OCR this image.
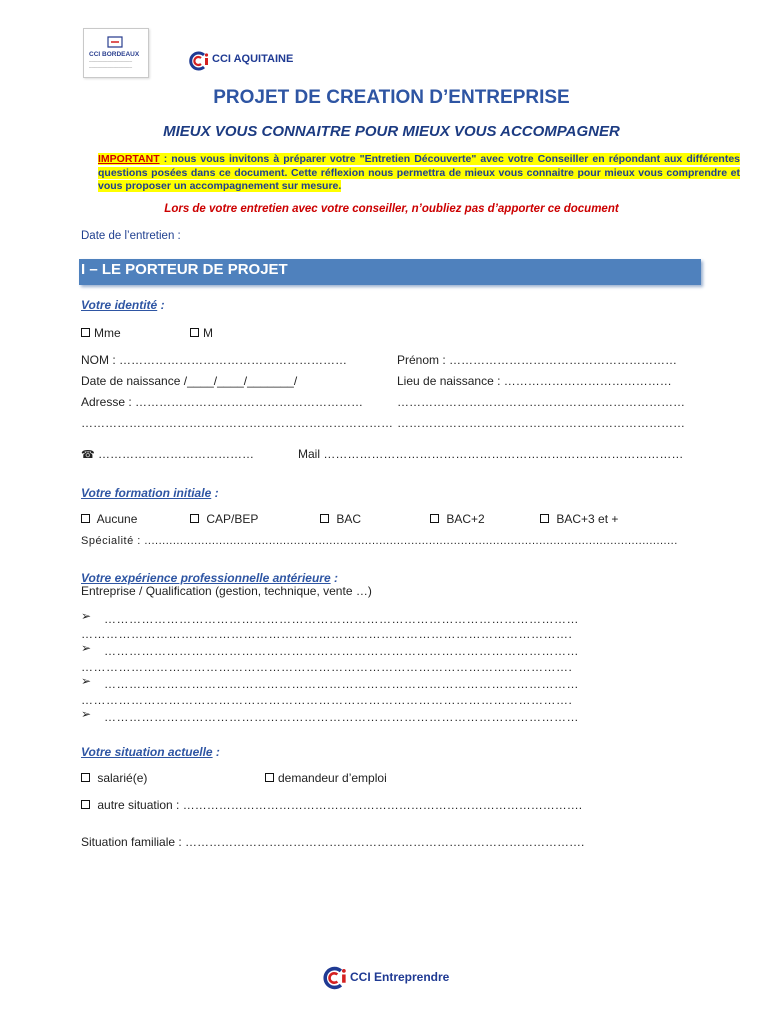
CCI BORDEAUX
────────────────
────────────────
CCI AQUITAINE
PROJET DE CREATION D’ENTREPRISE
MIEUX VOUS CONNAITRE POUR MIEUX VOUS ACCOMPAGNER
IMPORTANT : nous vous invitons à préparer votre "Entretien Découverte" avec votre Conseiller en répondant aux différentes questions posées dans ce document. Cette réflexion nous permettra de mieux vous connaitre pour mieux vous comprendre et vous proposer un accompagnement sur mesure.
Lors de votre entretien avec votre conseiller, n’oubliez pas d’apporter ce document
Date de l’entretien :
I – LE PORTEUR DE PROJET
Votre identité :
Mme	M
NOM : …………………………………………………	Prénom : …………………………………………………
Date de naissance /____/____/_______/	Lieu de naissance : ……………………………………
Adresse : …………………………………………………	………………………………………………………………
…………………………………………………………………… ………………………………………………………………
☎ …………………………………	Mail ………………………………………………………………………………
Votre formation initiale :
Aucune	CAP/BEP	BAC	BAC+2	BAC+3 et +
Spécialité : ......................................................................................................................................................
Votre expérience professionnelle antérieure :
Entreprise / Qualification (gestion, technique, vente …)
➢ ……………………………………………………………………………………………………
……………………………………………………………………………………………………….
➢ ……………………………………………………………………………………………………
……………………………………………………………………………………………………….
➢ ……………………………………………………………………………………………………
……………………………………………………………………………………………………….
➢ ……………………………………………………………………………………………………
Votre situation actuelle :
salarié(e)	demandeur d’emploi
autre situation : ……………………………………………………………………………………….
Situation familiale : ……………………………………………………………………………………….
CCI Entreprendre
